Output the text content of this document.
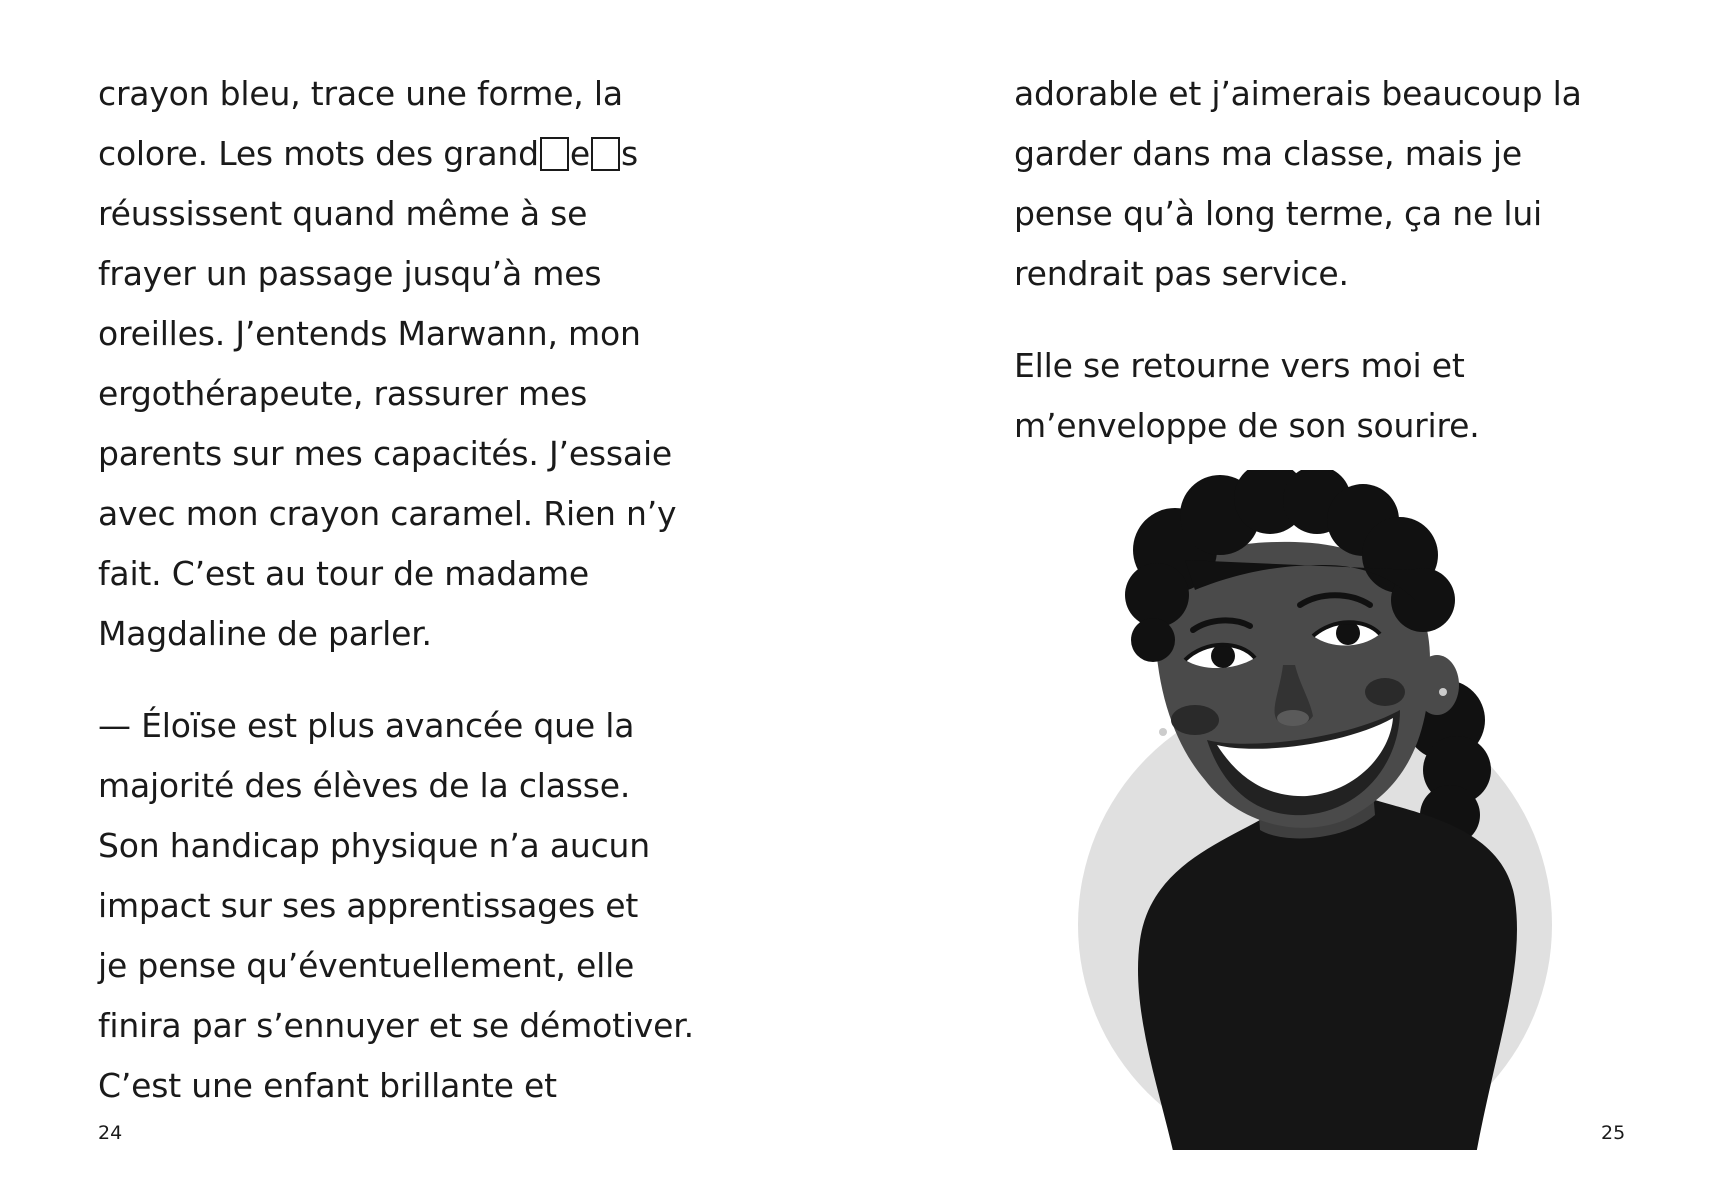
crayon bleu, trace une forme, la
colore. Les mots des grand e s
réussissent quand même à se
frayer un passage jusqu’à mes
oreilles. J’entends Marwann, mon
ergothérapeute, rassurer mes
parents sur mes capacités. J’essaie
avec mon crayon caramel. Rien n’y
fait. C’est au tour de madame
Magdaline de parler.
— Éloïse est plus avancée que la
majorité des élèves de la classe.
Son handicap physique n’a aucun
impact sur ses apprentissages et
je pense qu’éventuellement, elle
finira par s’ennuyer et se démotiver.
C’est une enfant brillante et
24
adorable et j’aimerais beaucoup la
garder dans ma classe, mais je
pense qu’à long terme, ça ne lui
rendrait pas service.
Elle se retourne vers moi et
m’enveloppe de son sourire.
25
